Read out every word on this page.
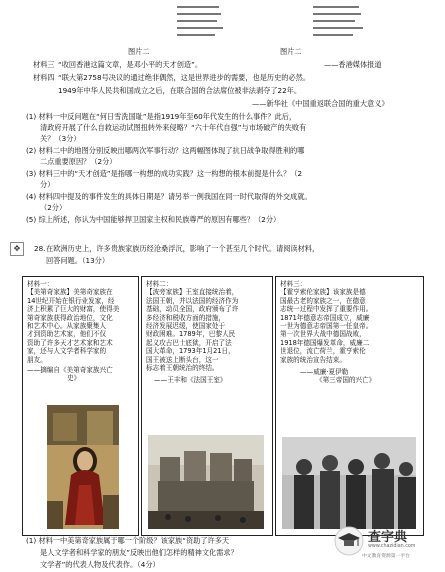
图片二	图片二
材料三 “收回香港这篇文章，是邓小平的天才创造”。	——香港媒体报道
材料四 “联大第2758号决议的通过绝非偶然，这是世界进步的需要，也是历史的必然。
1949年中华人民共和国成立之后，在联合国的合法席位被非法剥夺了22年。
——新华社《中国重返联合国的重大意义》
(1) 材料一中反问题在“何日雪洗国耻”是指1919年至60年代发生的什么事件？此后，
清政府开展了什么自救运动试图扭转外来侵略？“六十年代自强”与市场破产的失败有
关？（3分）
(2) 材料二中的地图分别反映出哪两次军事行动？这两幅图体现了抗日战争取得胜利的哪
二点重要原因？（2分）
(3) 材料三中的“天才创造”是指哪一构想的成功实践？这一构想的根本前提是什么？（2
分）
(4) 材料四中提及的事件发生的具体日期是？请另举一例我国在同一时代取得的外交成就。
（2分）
(5) 综上所述，你认为中国能够捍卫国家主权和民族尊严的原因有哪些？（2分）
✥	28. 在欧洲历史上，许多贵族家族历经沧桑浮沉，影响了一个甚至几个时代。请阅读材料，
回答问题。（13分）
材料一：
【美第奇家族】美第奇家族在
14世纪开始在银行业发家，经
济上积累了巨大的财富，使得美
第奇家族获得政治地位，文化
和艺术中心。从家族聚集人
才到资助艺术家，他们不仅
资助了许多天才艺术家和艺术
家，还与人文学者科学家的
朋友。
——摘编自《美第奇家族兴亡
史》
材料二：
【波旁家族】王室直接统治着，
法国王朝，并以法国的经济作为
基础，动员全国，政府颁布了许
多经济和税收方面的措施，
经济发展迟缓，使国家处于
财政困难。1789年，巴黎人民
起义攻占巴士底狱，开启了法
国大革命，1793年1月21日，
国王被送上断头台，这一
标志着王朝统治的终结。
——王丰和《法国王室》
材料三：
【霍亨索伦家族】该家族是德
国最古老的家族之一，在德意
志统一过程中发挥了重要作用。
1871年德意志帝国成立，威廉
一世为德意志帝国第一任皇帝。
第一次世界大战中德国战败，
1918年德国爆发革命，威廉二
世退位，流亡荷兰，霍亨索伦
家族的统治宣告结束。
——威廉·夏伊勒
《第三帝国的兴亡》
(1) 材料一中美第奇家族属于哪一个阶级？该家族“资助了许多天
是人文学者和科学家的朋友”反映出他们怎样的精神文化需求？
文学者”的代表人物及代表作。（4分）
查字典
www.chazidian.com
中文教育资源第一平台
